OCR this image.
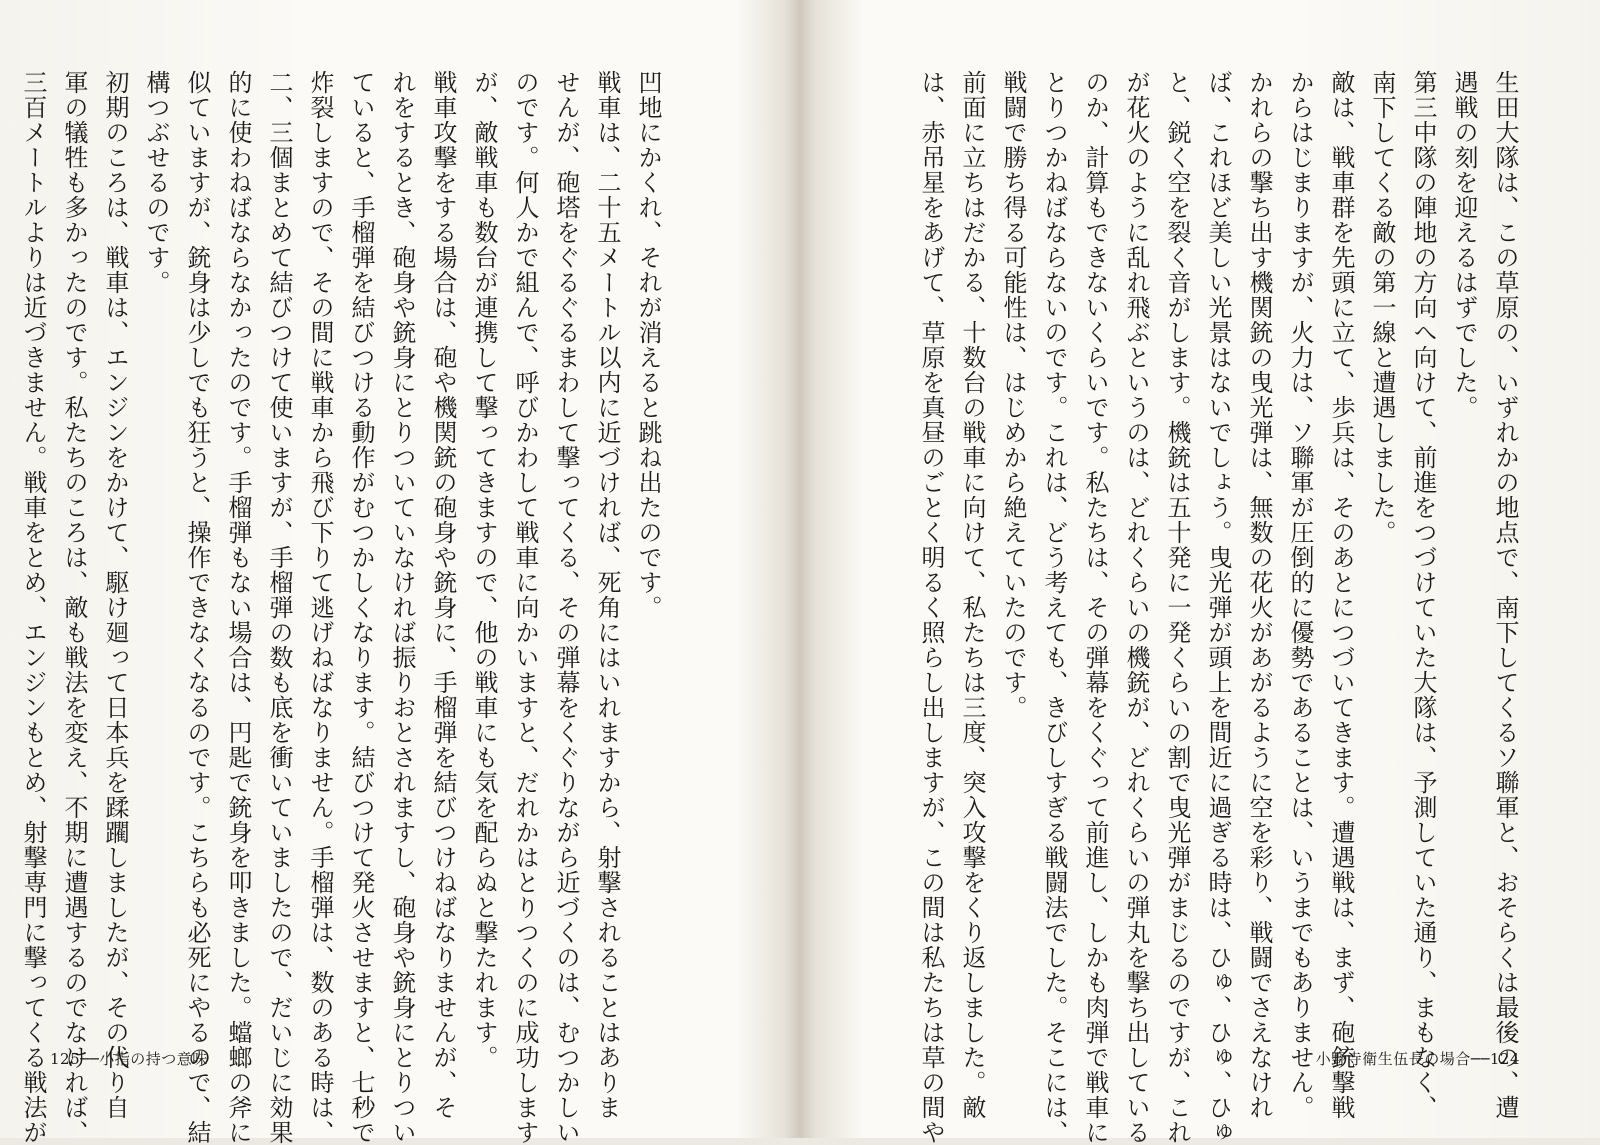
凹地にかくれ、それが消えると跳ね出たのです。
戦車は、二十五メートル以内に近づければ、死角にはいれますから、射撃されることはありま
せんが、砲塔をぐるぐるまわして撃ってくる、その弾幕をくぐりながら近づくのは、むつかしい
のです。何人かで組んで、呼びかわして戦車に向かいますと、だれかはとりつくのに成功します
が、敵戦車も数台が連携して撃ってきますので、他の戦車にも気を配らぬと撃たれます。
戦車攻撃をする場合は、砲や機関銃の砲身や銃身に、手榴弾を結びつけねばなりませんが、そ
れをするとき、砲身や銃身にとりついていなければ振りおとされますし、砲身や銃身にとりつい
ていると、手榴弾を結びつける動作がむつかしくなります。結びつけて発火させますと、七秒で
炸裂しますので、その間に戦車から飛び下りて逃げねばなりません。手榴弾は、数のある時は、
二、三個まとめて結びつけて使いますが、手榴弾の数も底を衝いていましたので、だいじに効果
的に使わねばならなかったのです。手榴弾もない場合は、円匙で銃身を叩きました。蟷螂の斧に
似ていますが、銃身は少しでも狂うと、操作できなくなるのです。こちらも必死にやるので、結
構つぶせるのです。
初期のころは、戦車は、エンジンをかけて、駆け廻って日本兵を蹂躙しましたが、その代り自
軍の犠牲も多かったのです。私たちのころは、敵も戦法を変え、不期に遭遇するのでなければ、
三百メートルよりは近づきません。戦車をとめ、エンジンもとめ、射撃専門に撃ってくる戦法が 125──小指の持つ意味	生田大隊は、この草原の、いずれかの地点で、南下してくるソ聯軍と、おそらくは最後の、遭
遇戦の刻を迎えるはずでした。
第三中隊の陣地の方向へ向けて、前進をつづけていた大隊は、予測していた通り、まもなく、
南下してくる敵の第一線と遭遇しました。
敵は、戦車群を先頭に立て、歩兵は、そのあとにつづいてきます。遭遇戦は、まず、砲銃撃戦
からはじまりますが、火力は、ソ聯軍が圧倒的に優勢であることは、いうまでもありません。
かれらの撃ち出す機関銃の曳光弾は、無数の花火があがるように空を彩り、戦闘でさえなけれ
ば、これほど美しい光景はないでしょう。曳光弾が頭上を間近に過ぎる時は、ひゅ、ひゅ、ひゅ
と、鋭く空を裂く音がします。機銃は五十発に一発くらいの割で曳光弾がまじるのですが、これ
が花火のように乱れ飛ぶというのは、どれくらいの機銃が、どれくらいの弾丸を撃ち出している
のか、計算もできないくらいです。私たちは、その弾幕をくぐって前進し、しかも肉弾で戦車に
とりつかねばならないのです。これは、どう考えても、きびしすぎる戦闘法でした。そこには、
戦闘で勝ち得る可能性は、はじめから絶えていたのです。
前面に立ちはだかる、十数台の戦車に向けて、私たちは三度、突入攻撃をくり返しました。敵
は、赤吊星をあげて、草原を真昼のごとく明るく照らし出しますが、この間は私たちは草の間や	小野寺衛生伍長の場合──124
